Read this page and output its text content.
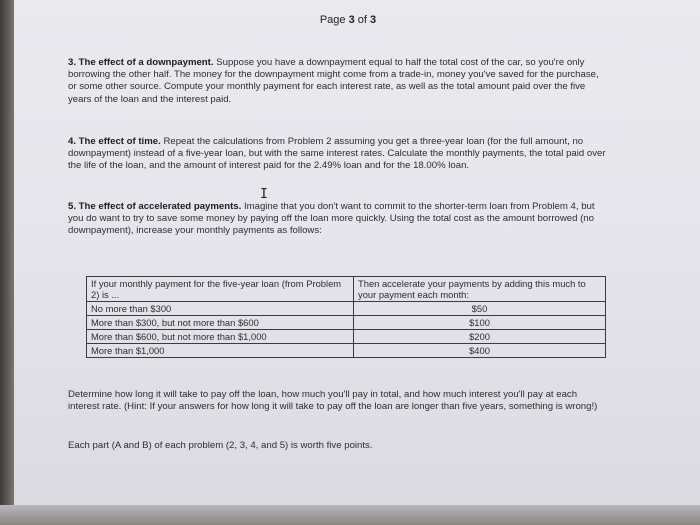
Page 3 of 3
3. The effect of a downpayment. Suppose you have a downpayment equal to half the total cost of the car, so you're only borrowing the other half. The money for the downpayment might come from a trade-in, money you've saved for the purchase, or some other source. Compute your monthly payment for each interest rate, as well as the total amount paid over the five years of the loan and the interest paid.
4. The effect of time. Repeat the calculations from Problem 2 assuming you get a three-year loan (for the full amount, no downpayment) instead of a five-year loan, but with the same interest rates. Calculate the monthly payments, the total paid over the life of the loan, and the amount of interest paid for the 2.49% loan and for the 18.00% loan.
I
5. The effect of accelerated payments. Imagine that you don't want to commit to the shorter-term loan from Problem 4, but you do want to try to save some money by paying off the loan more quickly. Using the total cost as the amount borrowed (no downpayment), increase your monthly payments as follows:
If your monthly payment for the five-year loan (from Problem 2) is ...	Then accelerate your payments by adding this much to your payment each month:
No more than $300	$50
More than $300, but not more than $600	$100
More than $600, but not more than $1,000	$200
More than $1,000	$400
Determine how long it will take to pay off the loan, how much you'll pay in total, and how much interest you'll pay at each interest rate. (Hint: If your answers for how long it will take to pay off the loan are longer than five years, something is wrong!)
Each part (A and B) of each problem (2, 3, 4, and 5) is worth five points.
